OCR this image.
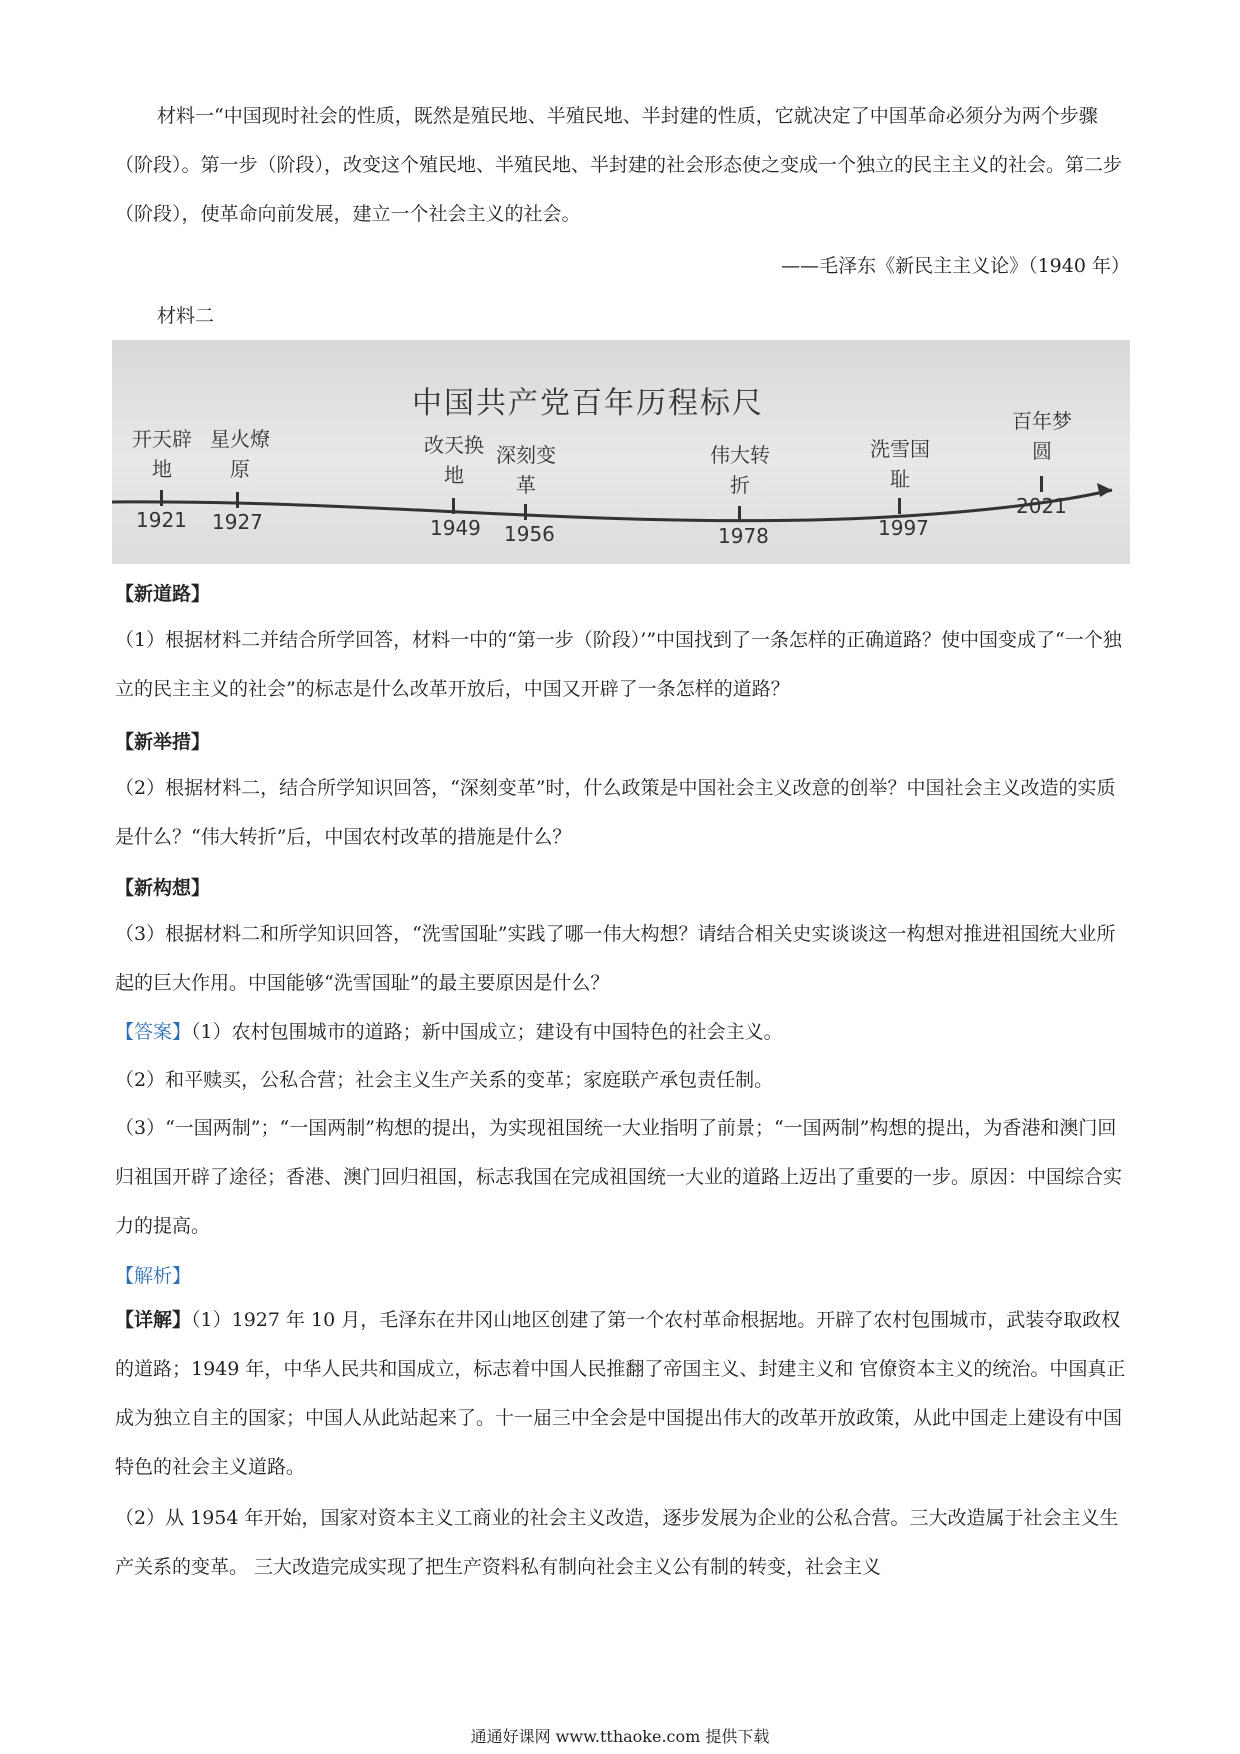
材料一“中国现时社会的性质，既然是殖民地、半殖民地、半封建的性质，它就决定了中国革命必须分为两个步骤（阶段）。第一步（阶段），改变这个殖民地、半殖民地、半封建的社会形态使之变成一个独立的民主主义的社会。第二步（阶段），使革命向前发展，建立一个社会主义的社会。

——毛泽东《新民主主义论》（1940 年）
材料二
中国共产党百年历程标尺
开天辟地
1921
星火燎原
1927
改天换地
1949
深刻变革
1956
伟大转折
1978
洗雪国耻
1997
百年梦圆
2021
【新道路】

（1）根据材料二并结合所学回答，材料一中的“第一步（阶段）’”中国找到了一条怎样的正确道路？使中国变成了“一个独立的民主主义的社会”的标志是什么改革开放后，中国又开辟了一条怎样的道路？

【新举措】

（2）根据材料二，结合所学知识回答，“深刻变革”时，什么政策是中国社会主义改意的创举？中国社会主义改造的实质是什么？“伟大转折”后，中国农村改革的措施是什么？

【新构想】

（3）根据材料二和所学知识回答，“洗雪国耻”实践了哪一伟大构想？请结合相关史实谈谈这一构想对推进祖国统大业所起的巨大作用。中国能够“洗雪国耻”的最主要原因是什么？

【答案】（1）农村包围城市的道路；新中国成立；建设有中国特色的社会主义。

（2）和平赎买，公私合营；社会主义生产关系的变革；家庭联产承包责任制。

（3）“一国两制”；“一国两制”构想的提出，为实现祖国统一大业指明了前景；“一国两制”构想的提出，为香港和澳门回归祖国开辟了途径；香港、澳门回归祖国，标志我国在完成祖国统一大业的道路上迈出了重要的一步。原因：中国综合实力的提高。

【解析】

【详解】（1）1927 年 10 月，毛泽东在井冈山地区创建了第一个农村革命根据地。开辟了农村包围城市，武装夺取政权的道路；1949 年，中华人民共和国成立，标志着中国人民推翻了帝国主义、封建主义和 官僚资本主义的统治。中国真正成为独立自主的国家；中国人从此站起来了。十一届三中全会是中国提出伟大的改革开放政策，从此中国走上建设有中国特色的社会主义道路。

（2）从 1954 年开始，国家对资本主义工商业的社会主义改造，逐步发展为企业的公私合营。三大改造属于社会主义生产关系的变革。 三大改造完成实现了把生产资料私有制向社会主义公有制的转变，社会主义

通通好课网 www.tthaoke.com 提供下载
